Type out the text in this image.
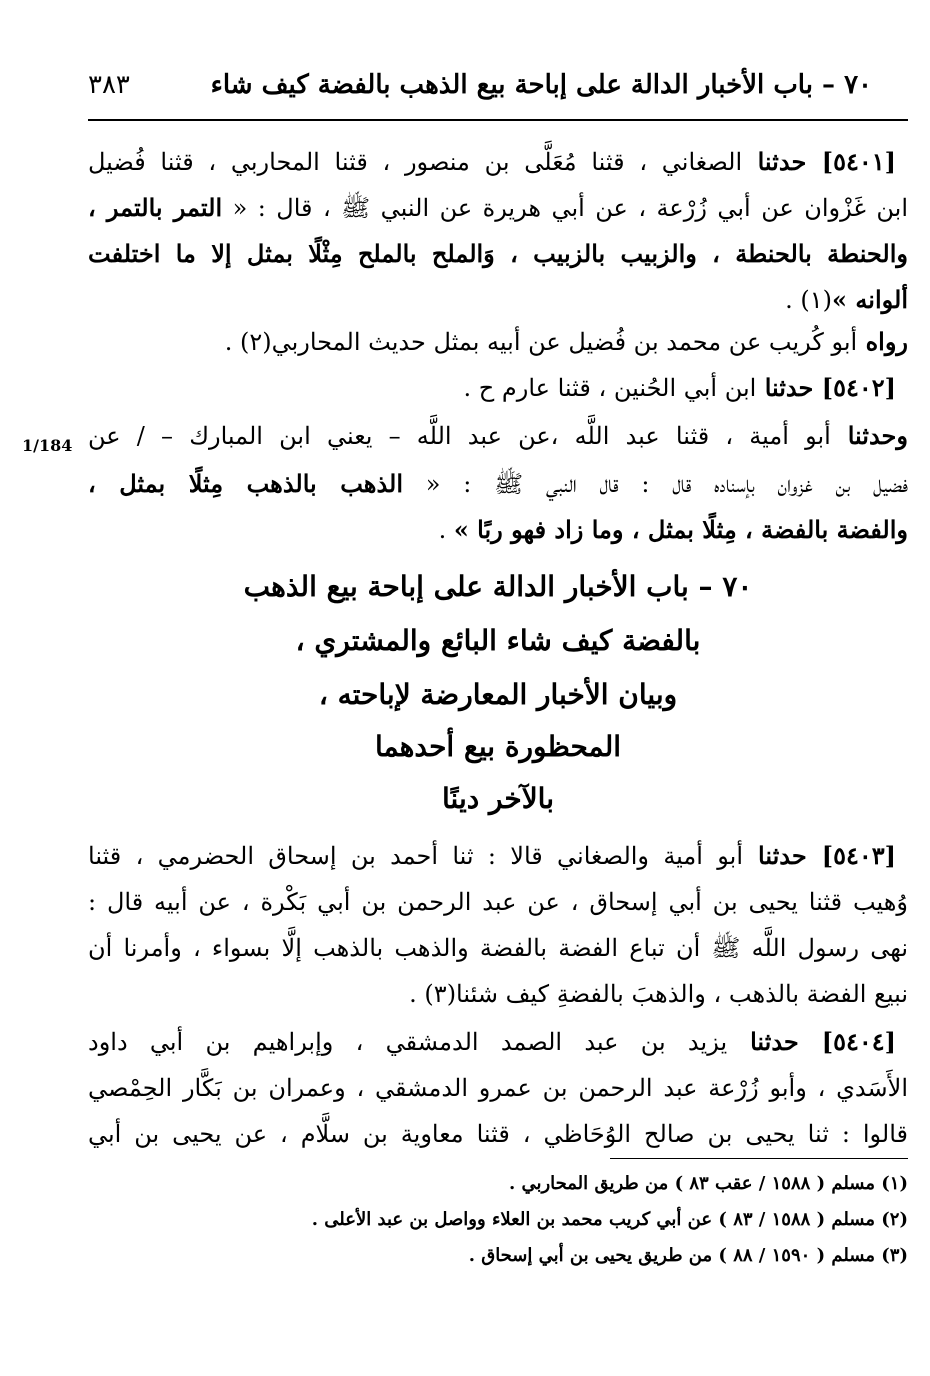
٧٠ – باب الأخبار الدالة على إباحة بيع الذهب بالفضة كيف شاء
٣٨٣
[٥٤٠١] حدثنا الصغاني ، قثنا مُعَلَّى بن منصور ، قثنا المحاربي ، قثنا فُضيل
ابن غَزْوان عن أبي زُرْعة ، عن أبي هريرة عن النبي ﷺ ، قال : « التمر بالتمر ،
والحنطة بالحنطة ، والزبيب بالزبيب ، وَالملح بالملح مِثْلًا بمثل إلا ما اختلفت
ألوانه »(١) .
رواه أبو كُريب عن محمد بن فُضيل عن أبيه بمثل حديث المحاربي(٢) .
[٥٤٠٢] حدثنا ابن أبي الحُنين ، قثنا عارم ح .
وحدثنا أبو أمية ، قثنا عبد اللَّه ،عن عبد اللَّه – يعني ابن المبارك – / عن
فضيل بن غزوان بإسناده قال : قال النبي ﷺ : « الذهب بالذهب مِثلًا بمثل ،
والفضة بالفضة ، مِثلًا بمثل ، وما زاد فهو ربًا » .
1/184
٧٠ – باب الأخبار الدالة على إباحة بيع الذهب
بالفضة كيف شاء البائع والمشتري ،
وبيان الأخبار المعارضة لإباحته ،
المحظورة بيع أحدهما
بالآخر دينًا
[٥٤٠٣] حدثنا أبو أمية والصغاني قالا : ثنا أحمد بن إسحاق الحضرمي ، قثنا
وُهيب قثنا يحيى بن أبي إسحاق ، عن عبد الرحمن بن أبي بَكْرة ، عن أبيه قال :
نهى رسول اللَّه ﷺ أن تباع الفضة بالفضة والذهب بالذهب إلَّا بسواء ، وأمرنا أن
نبيع الفضة بالذهب ، والذهبَ بالفضةِ كيف شئنا(٣) .
[٥٤٠٤] حدثنا يزيد بن عبد الصمد الدمشقي ، وإبراهيم بن أبي داود
الأَسَدي ، وأبو زُرْعة عبد الرحمن بن عمرو الدمشقي ، وعمران بن بَكَّار الحِمْصي
قالوا : ثنا يحيى بن صالح الوُحَاظي ، قثنا معاوية بن سلَّام ، عن يحيى بن أبي
(١) مسلم ( ١٥٨٨ / عقب ٨٣ ) من طريق المحاربي .
(٢) مسلم ( ١٥٨٨ / ٨٣ ) عن أبي كريب محمد بن العلاء وواصل بن عبد الأعلى .
(٣) مسلم ( ١٥٩٠ / ٨٨ ) من طريق يحيى بن أبي إسحاق .
